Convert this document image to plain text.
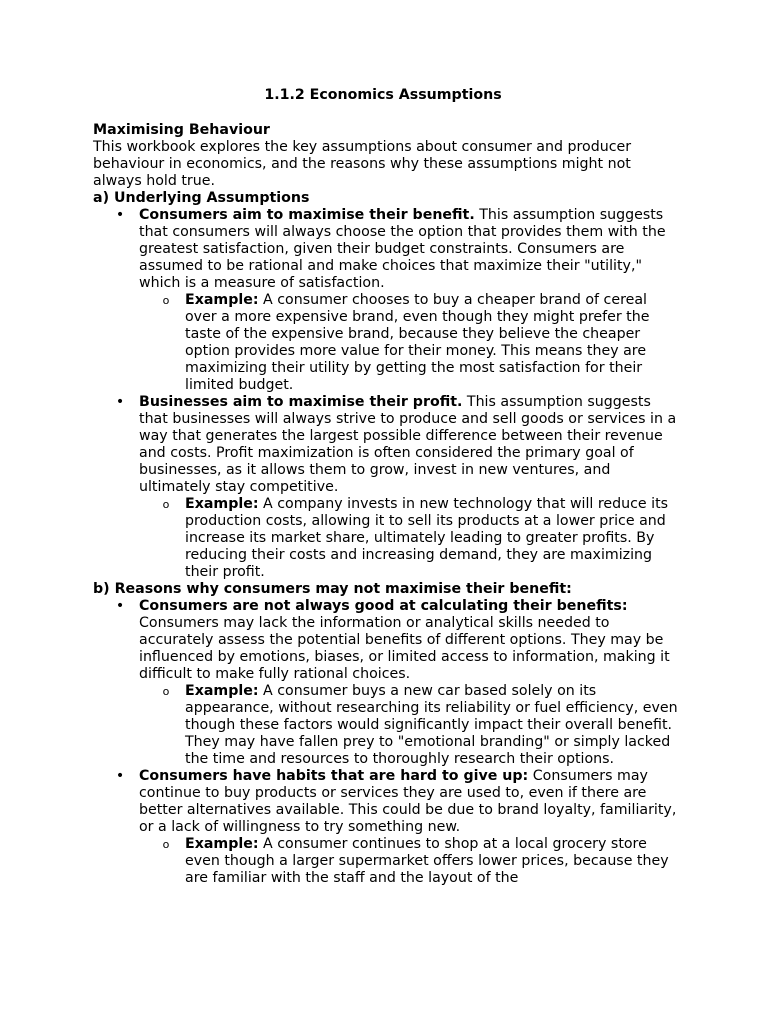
1.1.2 Economics Assumptions
Maximising Behaviour

This workbook explores the key assumptions about consumer and producer behaviour in economics, and the reasons why these assumptions might not always hold true.

a) Underlying Assumptions
• Consumers aim to maximise their benefit. This assumption suggests that consumers will always choose the option that provides them with the greatest satisfaction, given their budget constraints. Consumers are assumed to be rational and make choices that maximize their "utility," which is a measure of satisfaction.
o Example: A consumer chooses to buy a cheaper brand of cereal over a more expensive brand, even though they might prefer the taste of the expensive brand, because they believe the cheaper option provides more value for their money. This means they are maximizing their utility by getting the most satisfaction for their limited budget.
• Businesses aim to maximise their profit. This assumption suggests that businesses will always strive to produce and sell goods or services in a way that generates the largest possible difference between their revenue and costs. Profit maximization is often considered the primary goal of businesses, as it allows them to grow, invest in new ventures, and ultimately stay competitive.
o Example: A company invests in new technology that will reduce its production costs, allowing it to sell its products at a lower price and increase its market share, ultimately leading to greater profits. By reducing their costs and increasing demand, they are maximizing their profit.
b) Reasons why consumers may not maximise their benefit:
• Consumers are not always good at calculating their benefits: Consumers may lack the information or analytical skills needed to accurately assess the potential benefits of different options. They may be influenced by emotions, biases, or limited access to information, making it difficult to make fully rational choices.
o Example: A consumer buys a new car based solely on its appearance, without researching its reliability or fuel efficiency, even though these factors would significantly impact their overall benefit. They may have fallen prey to "emotional branding" or simply lacked the time and resources to thoroughly research their options.
• Consumers have habits that are hard to give up: Consumers may continue to buy products or services they are used to, even if there are better alternatives available. This could be due to brand loyalty, familiarity, or a lack of willingness to try something new.
o Example: A consumer continues to shop at a local grocery store even though a larger supermarket offers lower prices, because they are familiar with the staff and the layout of the
